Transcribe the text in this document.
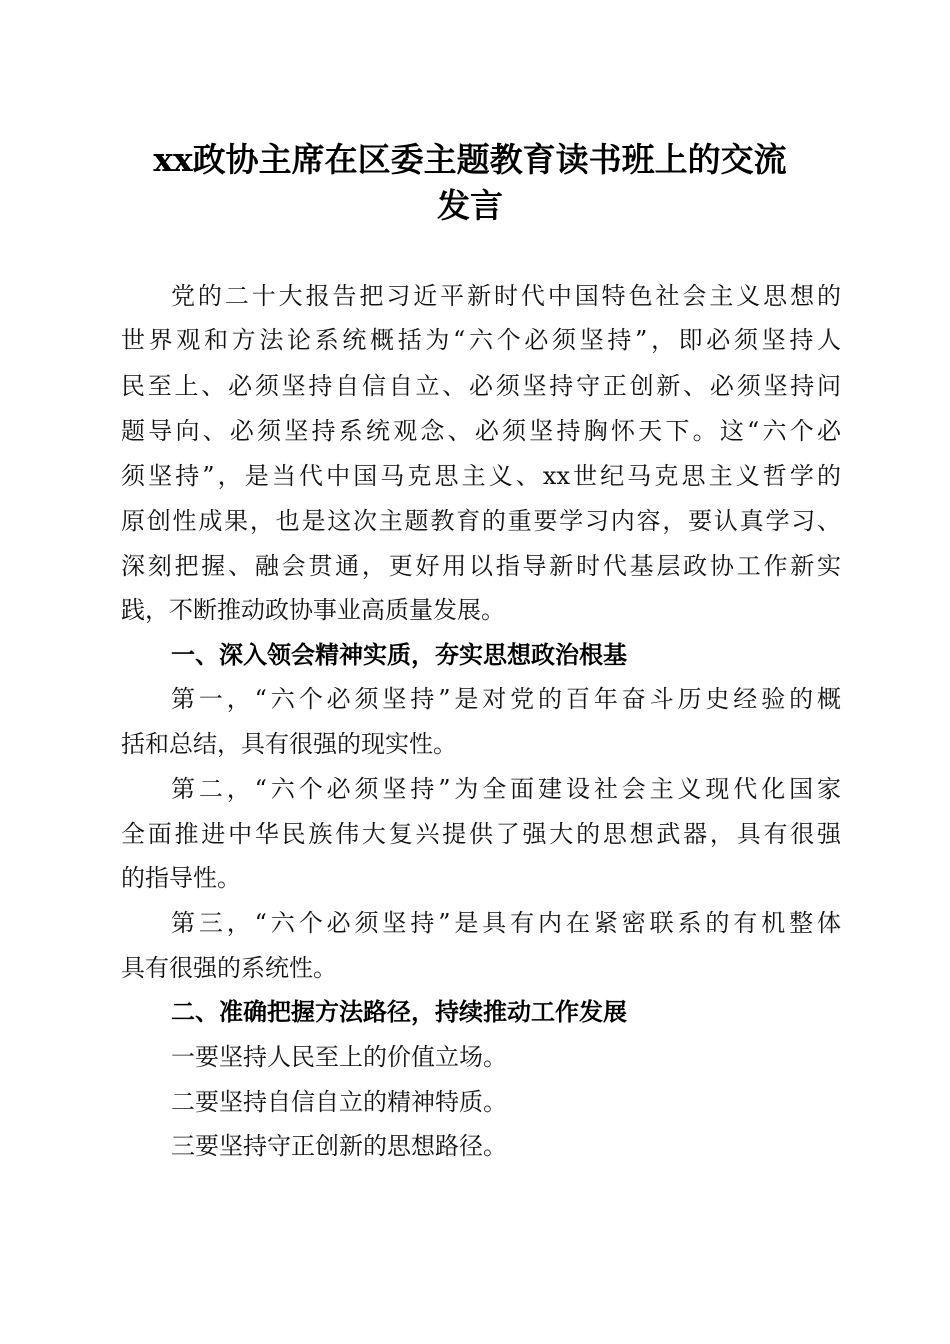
xx政协主席在区委主题教育读书班上的交流
发言
党的二十大报告把习近平新时代中国特色社会主义思想的
世界观和方法论系统概括为“六个必须坚持”，即必须坚持人
民至上、必须坚持自信自立、必须坚持守正创新、必须坚持问
题导向、必须坚持系统观念、必须坚持胸怀天下。这“六个必
须坚持”，是当代中国马克思主义、xx世纪马克思主义哲学的
原创性成果，也是这次主题教育的重要学习内容，要认真学习、
深刻把握、融会贯通，更好用以指导新时代基层政协工作新实
践，不断推动政协事业高质量发展。
一、深入领会精神实质，夯实思想政治根基
第一，“六个必须坚持”是对党的百年奋斗历史经验的概
括和总结，具有很强的现实性。
第二，“六个必须坚持”为全面建设社会主义现代化国家
全面推进中华民族伟大复兴提供了强大的思想武器，具有很强
的指导性。
第三，“六个必须坚持”是具有内在紧密联系的有机整体
具有很强的系统性。
二、准确把握方法路径，持续推动工作发展
一要坚持人民至上的价值立场。
二要坚持自信自立的精神特质。
三要坚持守正创新的思想路径。
